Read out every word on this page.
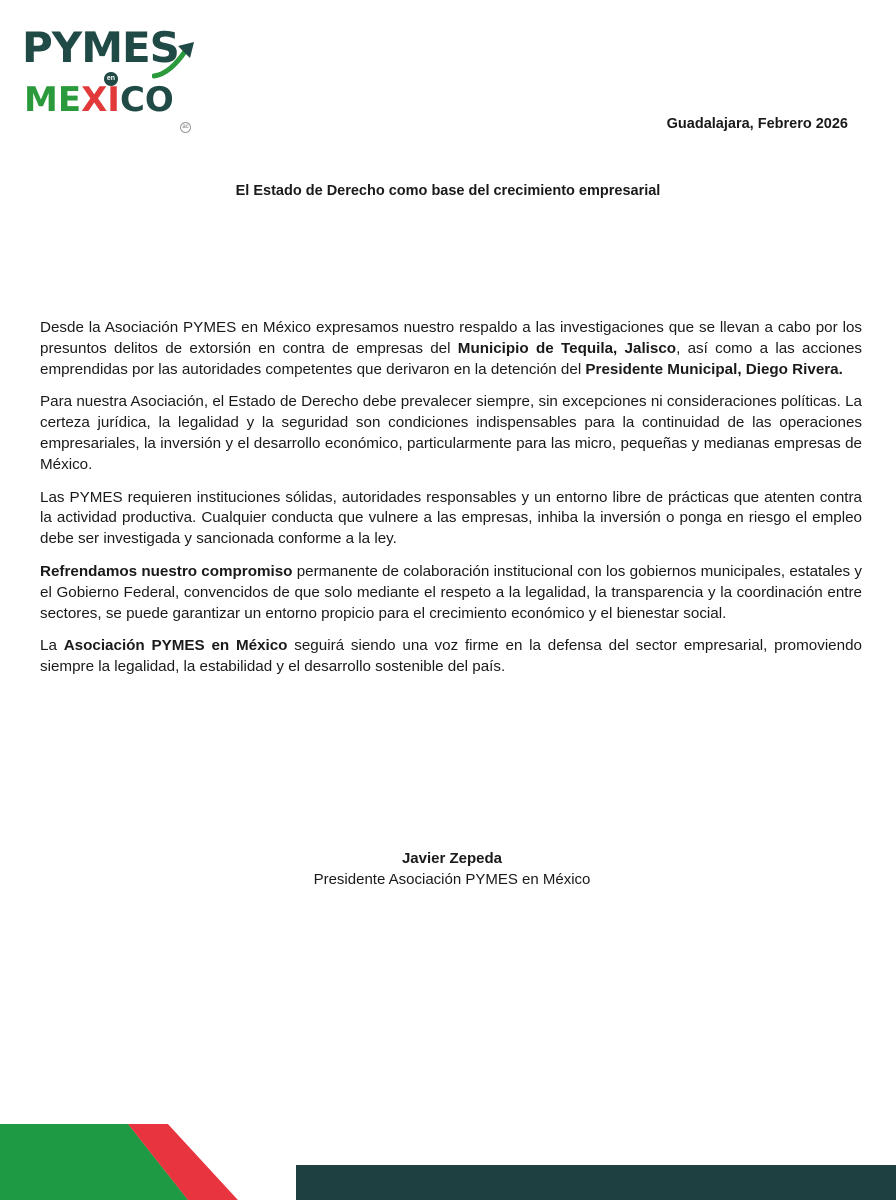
PYMES
en
MEXICO
ac	Guadalajara, Febrero 2026
El Estado de Derecho como base del crecimiento empresarial

Desde la Asociación PYMES en México expresamos nuestro respaldo a las investigaciones que se llevan a cabo por los presuntos delitos de extorsión en contra de empresas del Municipio de Tequila, Jalisco, así como a las acciones emprendidas por las autoridades competentes que derivaron en la detención del Presidente Municipal, Diego Rivera.

Para nuestra Asociación, el Estado de Derecho debe prevalecer siempre, sin excepciones ni consideraciones políticas. La certeza jurídica, la legalidad y la seguridad son condiciones indispensables para la continuidad de las operaciones empresariales, la inversión y el desarrollo económico, particularmente para las micro, pequeñas y medianas empresas de México.

Las PYMES requieren instituciones sólidas, autoridades responsables y un entorno libre de prácticas que atenten contra la actividad productiva. Cualquier conducta que vulnere a las empresas, inhiba la inversión o ponga en riesgo el empleo debe ser investigada y sancionada conforme a la ley.

Refrendamos nuestro compromiso permanente de colaboración institucional con los gobiernos municipales, estatales y el Gobierno Federal, convencidos de que solo mediante el respeto a la legalidad, la transparencia y la coordinación entre sectores, se puede garantizar un entorno propicio para el crecimiento económico y el bienestar social.

La Asociación PYMES en México seguirá siendo una voz firme en la defensa del sector empresarial, promoviendo siempre la legalidad, la estabilidad y el desarrollo sostenible del país.

Javier Zepeda
Presidente Asociación PYMES en México
